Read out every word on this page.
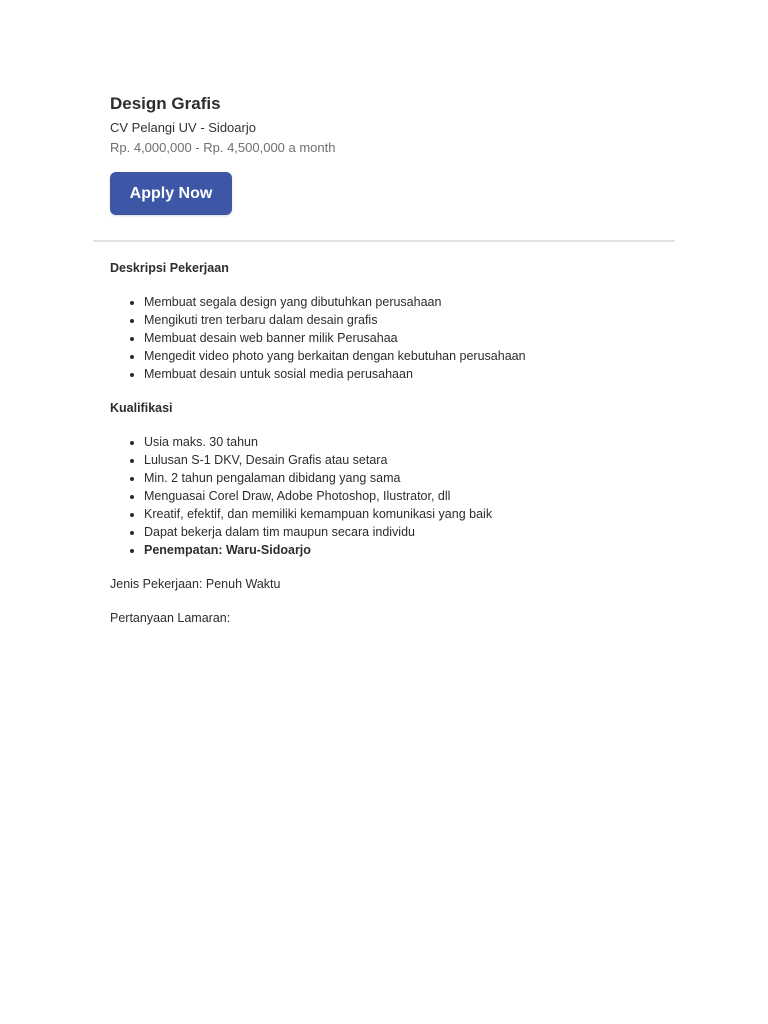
Design Grafis
CV Pelangi UV - Sidoarjo
Rp. 4,000,000 - Rp. 4,500,000 a month
Apply Now
Deskripsi Pekerjaan
• Membuat segala design yang dibutuhkan perusahaan
• Mengikuti tren terbaru dalam desain grafis
• Membuat desain web banner milik Perusahaa
• Mengedit video photo yang berkaitan dengan kebutuhan perusahaan
• Membuat desain untuk sosial media perusahaan
Kualifikasi
• Usia maks. 30 tahun
• Lulusan S-1 DKV, Desain Grafis atau setara
• Min. 2 tahun pengalaman dibidang yang sama
• Menguasai Corel Draw, Adobe Photoshop, Ilustrator, dll
• Kreatif, efektif, dan memiliki kemampuan komunikasi yang baik
• Dapat bekerja dalam tim maupun secara individu
• Penempatan: Waru-Sidoarjo

Jenis Pekerjaan: Penuh Waktu

Pertanyaan Lamaran:
